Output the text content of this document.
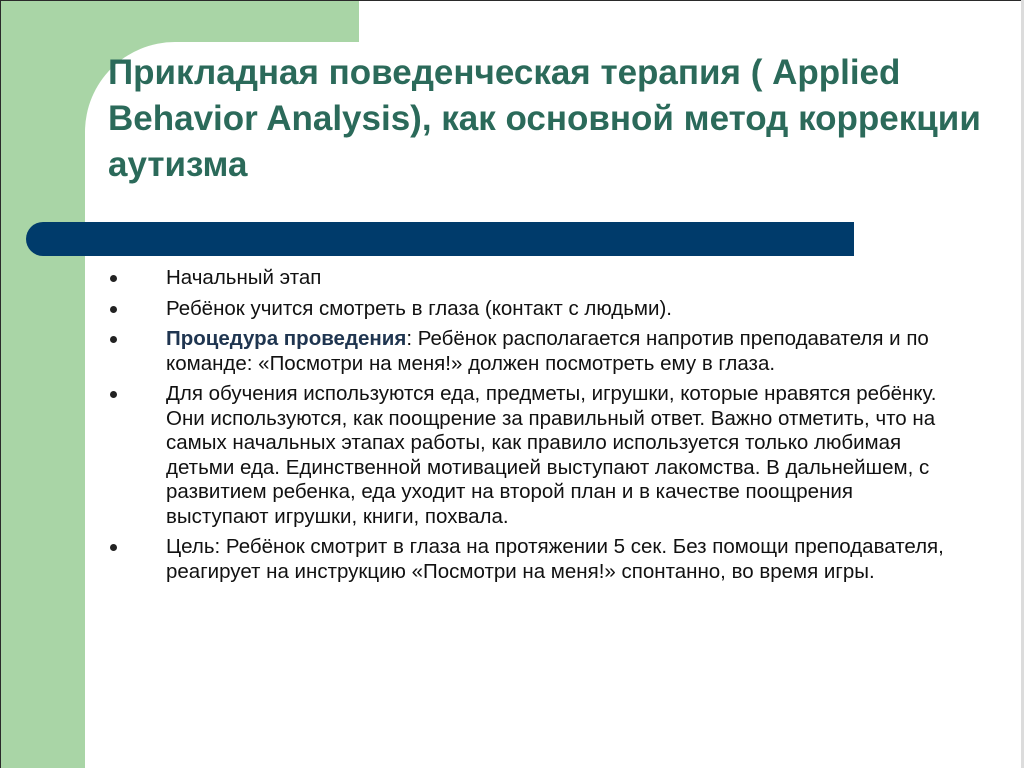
Прикладная поведенческая терапия ( Applied Behavior Analysis), как основной метод коррекции аутизма
Начальный этап
Ребёнок учится смотреть в глаза (контакт с людьми).
Процедура проведения: Ребёнок располагается напротив преподавателя и по команде: «Посмотри на меня!» должен посмотреть ему в глаза.
Для обучения используются еда, предметы, игрушки, которые нравятся ребёнку. Они используются, как поощрение за правильный ответ. Важно отметить, что на самых начальных этапах работы, как правило используется только любимая детьми еда. Единственной мотивацией выступают лакомства. В дальнейшем, с развитием ребенка, еда уходит на второй план и в качестве поощрения выступают игрушки, книги, похвала.
Цель: Ребёнок смотрит в глаза на протяжении 5 сек. Без помощи преподавателя, реагирует на инструкцию «Посмотри на меня!» спонтанно, во время игры.
